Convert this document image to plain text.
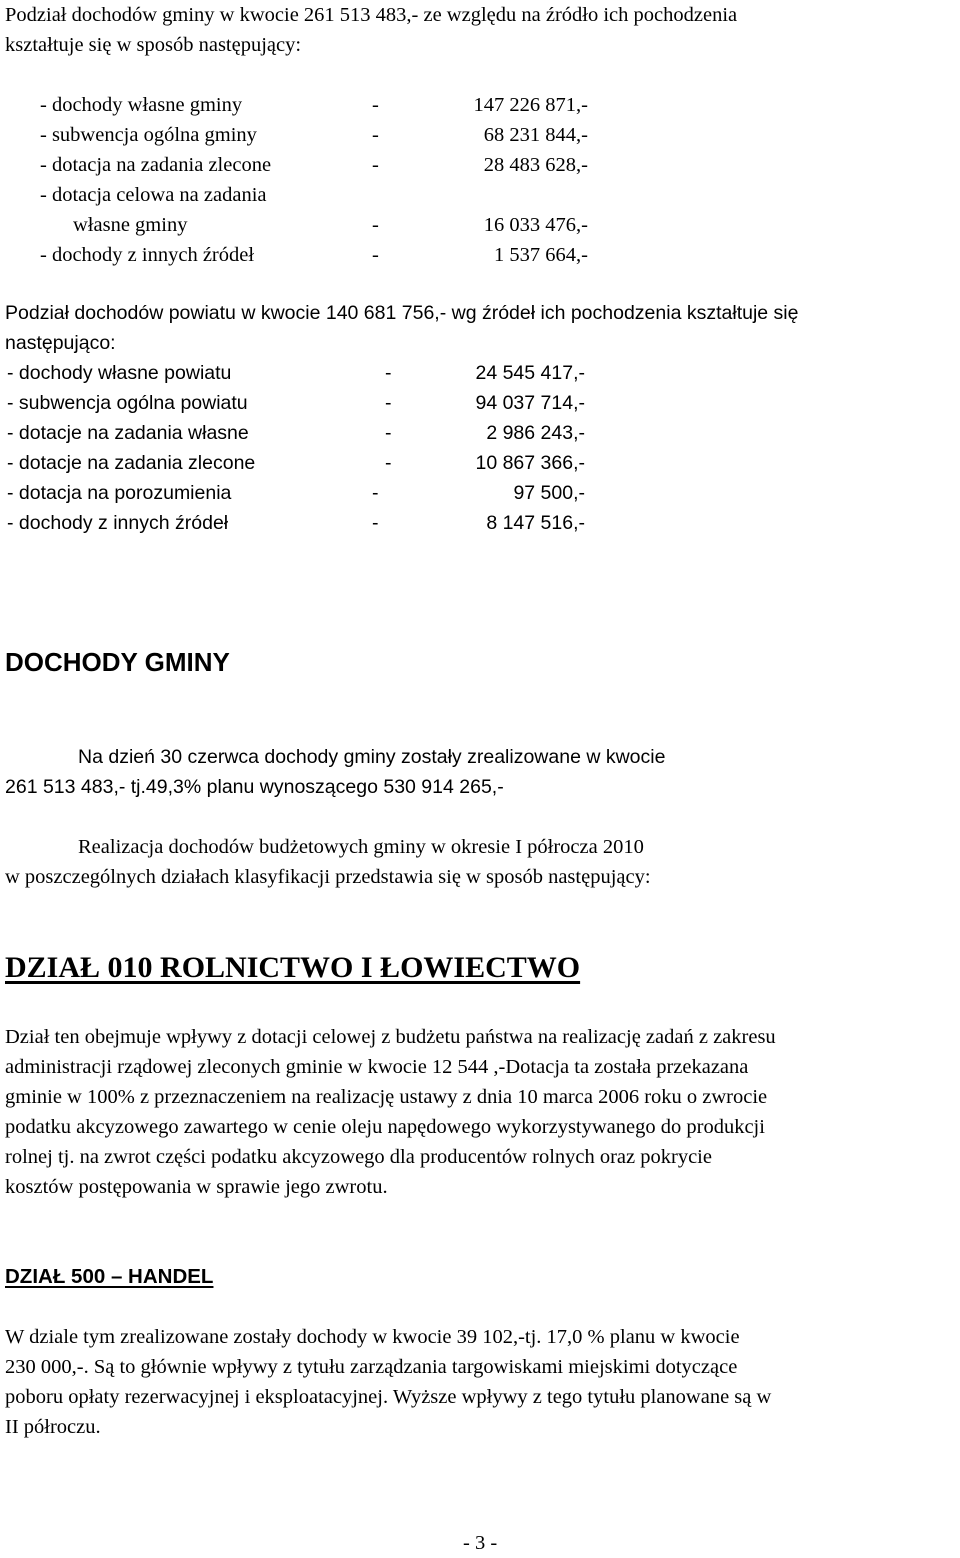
Podział dochodów gminy w kwocie 261 513 483,- ze względu na źródło ich pochodzenia
kształtuje się w sposób następujący:
- dochody własne gminy	-	147 226 871,-
- subwencja ogólna gminy	-	68 231 844,-
- dotacja na zadania zlecone	-	28 483 628,-
- dotacja celowa na zadania
własne gminy	-	16 033 476,-
- dochody z innych źródeł	-	1 537 664,-
Podział dochodów powiatu w kwocie 140 681 756,- wg źródeł ich pochodzenia kształtuje się
następująco:
- dochody własne powiatu	-	24 545 417,-
- subwencja ogólna powiatu	-	94 037 714,-
- dotacje na zadania własne	-	2 986 243,-
- dotacje na zadania zlecone	-	10 867 366,-
- dotacja na porozumienia	-	97 500,-
- dochody z innych źródeł	-	8 147 516,-
DOCHODY GMINY
Na dzień 30 czerwca dochody gminy zostały zrealizowane w kwocie
261 513 483,- tj.49,3% planu wynoszącego 530 914 265,-
Realizacja dochodów budżetowych gminy w okresie I półrocza 2010
w poszczególnych działach klasyfikacji przedstawia się w sposób następujący:
DZIAŁ 010 ROLNICTWO I ŁOWIECTWO
Dział ten obejmuje wpływy z dotacji celowej z budżetu państwa na realizację zadań z zakresu
administracji rządowej zleconych gminie w kwocie 12 544 ,-Dotacja ta została przekazana
gminie w 100% z przeznaczeniem na realizację ustawy z dnia 10 marca 2006 roku o zwrocie
podatku akcyzowego zawartego w cenie oleju napędowego wykorzystywanego do produkcji
rolnej tj. na zwrot części podatku akcyzowego dla producentów rolnych oraz pokrycie
kosztów postępowania w sprawie jego zwrotu.
DZIAŁ 500 – HANDEL
W dziale tym zrealizowane zostały dochody w kwocie 39 102,-tj. 17,0 % planu w kwocie
230 000,-. Są to głównie wpływy z tytułu zarządzania targowiskami miejskimi dotyczące
poboru opłaty rezerwacyjnej i eksploatacyjnej. Wyższe wpływy z tego tytułu planowane są w
II półroczu.
- 3 -
